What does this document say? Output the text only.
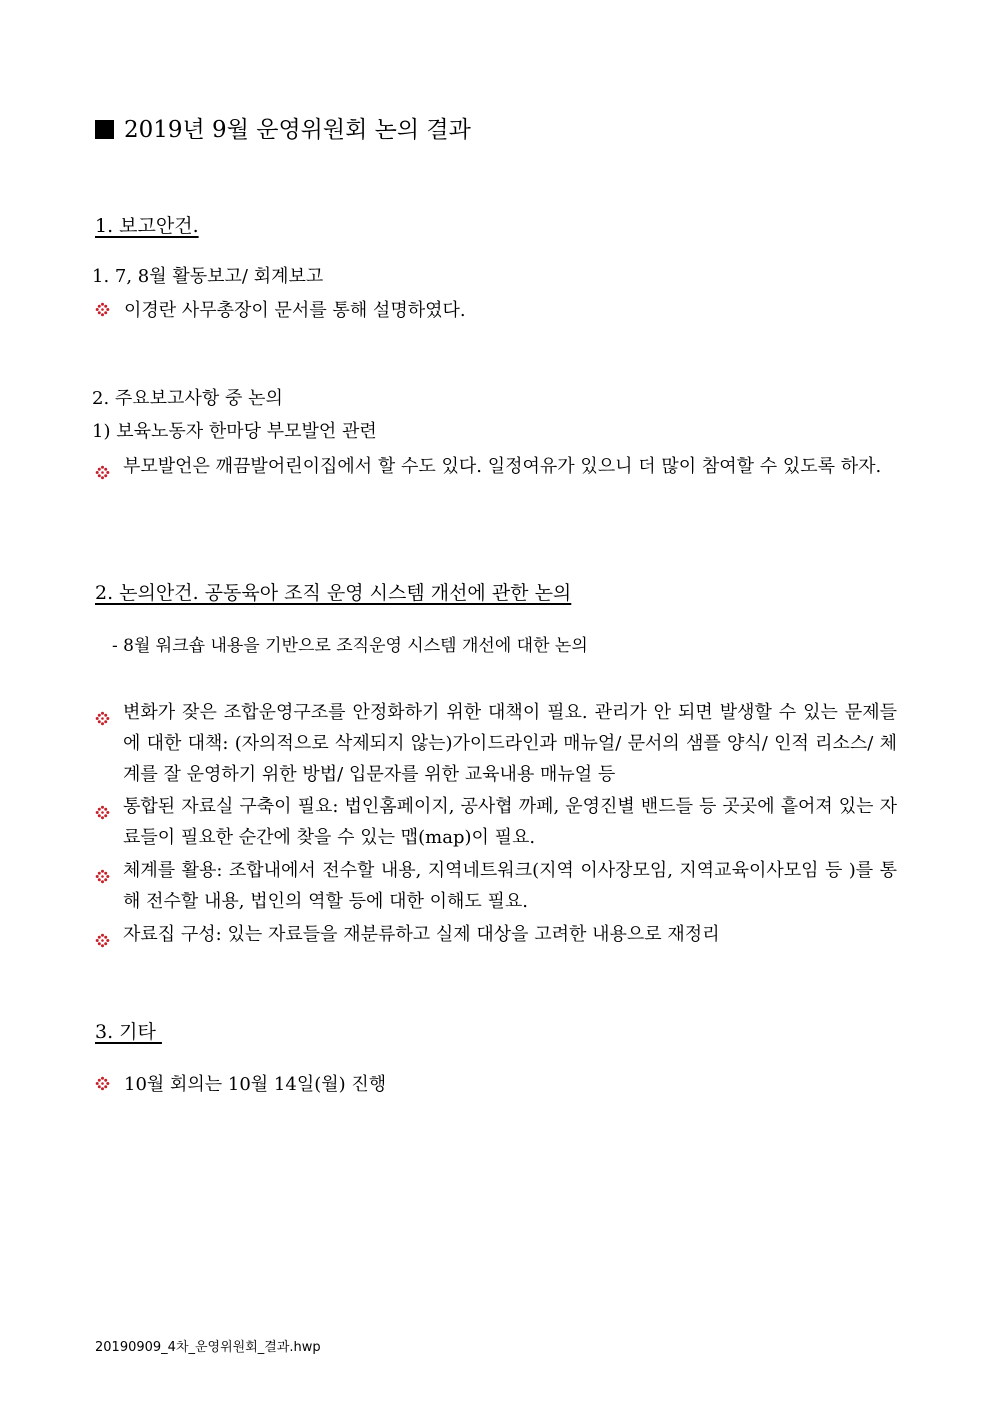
2019년 9월 운영위원회 논의 결과
1. 보고안건.
1. 7, 8월 활동보고/ 회계보고
이경란 사무총장이 문서를 통해 설명하였다.
2. 주요보고사항 중 논의
1) 보육노동자 한마당 부모발언 관련
부모발언은 깨끔발어린이집에서 할 수도 있다. 일정여유가 있으니 더 많이 참여할 수 있도록 하자.
2. 논의안건. 공동육아 조직 운영 시스템 개선에 관한 논의
- 8월 워크숍 내용을 기반으로 조직운영 시스템 개선에 대한 논의
변화가 잦은 조합운영구조를 안정화하기 위한 대책이 필요. 관리가 안 되면 발생할 수 있는 문제들에 대한 대책: (자의적으로 삭제되지 않는)가이드라인과 매뉴얼/ 문서의 샘플 양식/ 인적 리소스/ 체계를 잘 운영하기 위한 방법/ 입문자를 위한 교육내용 매뉴얼 등
통합된 자료실 구축이 필요: 법인홈페이지, 공사협 까페, 운영진별 밴드들 등 곳곳에 흩어져 있는 자료들이 필요한 순간에 찾을 수 있는 맵(map)이 필요.
체계를 활용: 조합내에서 전수할 내용, 지역네트워크(지역 이사장모임, 지역교육이사모임 등 )를 통해 전수할 내용, 법인의 역할 등에 대한 이해도 필요.
자료집 구성: 있는 자료들을 재분류하고 실제 대상을 고려한 내용으로 재정리
3. 기타
10월 회의는 10월 14일(월) 진행
20190909_4차_운영위원회_결과.hwp
